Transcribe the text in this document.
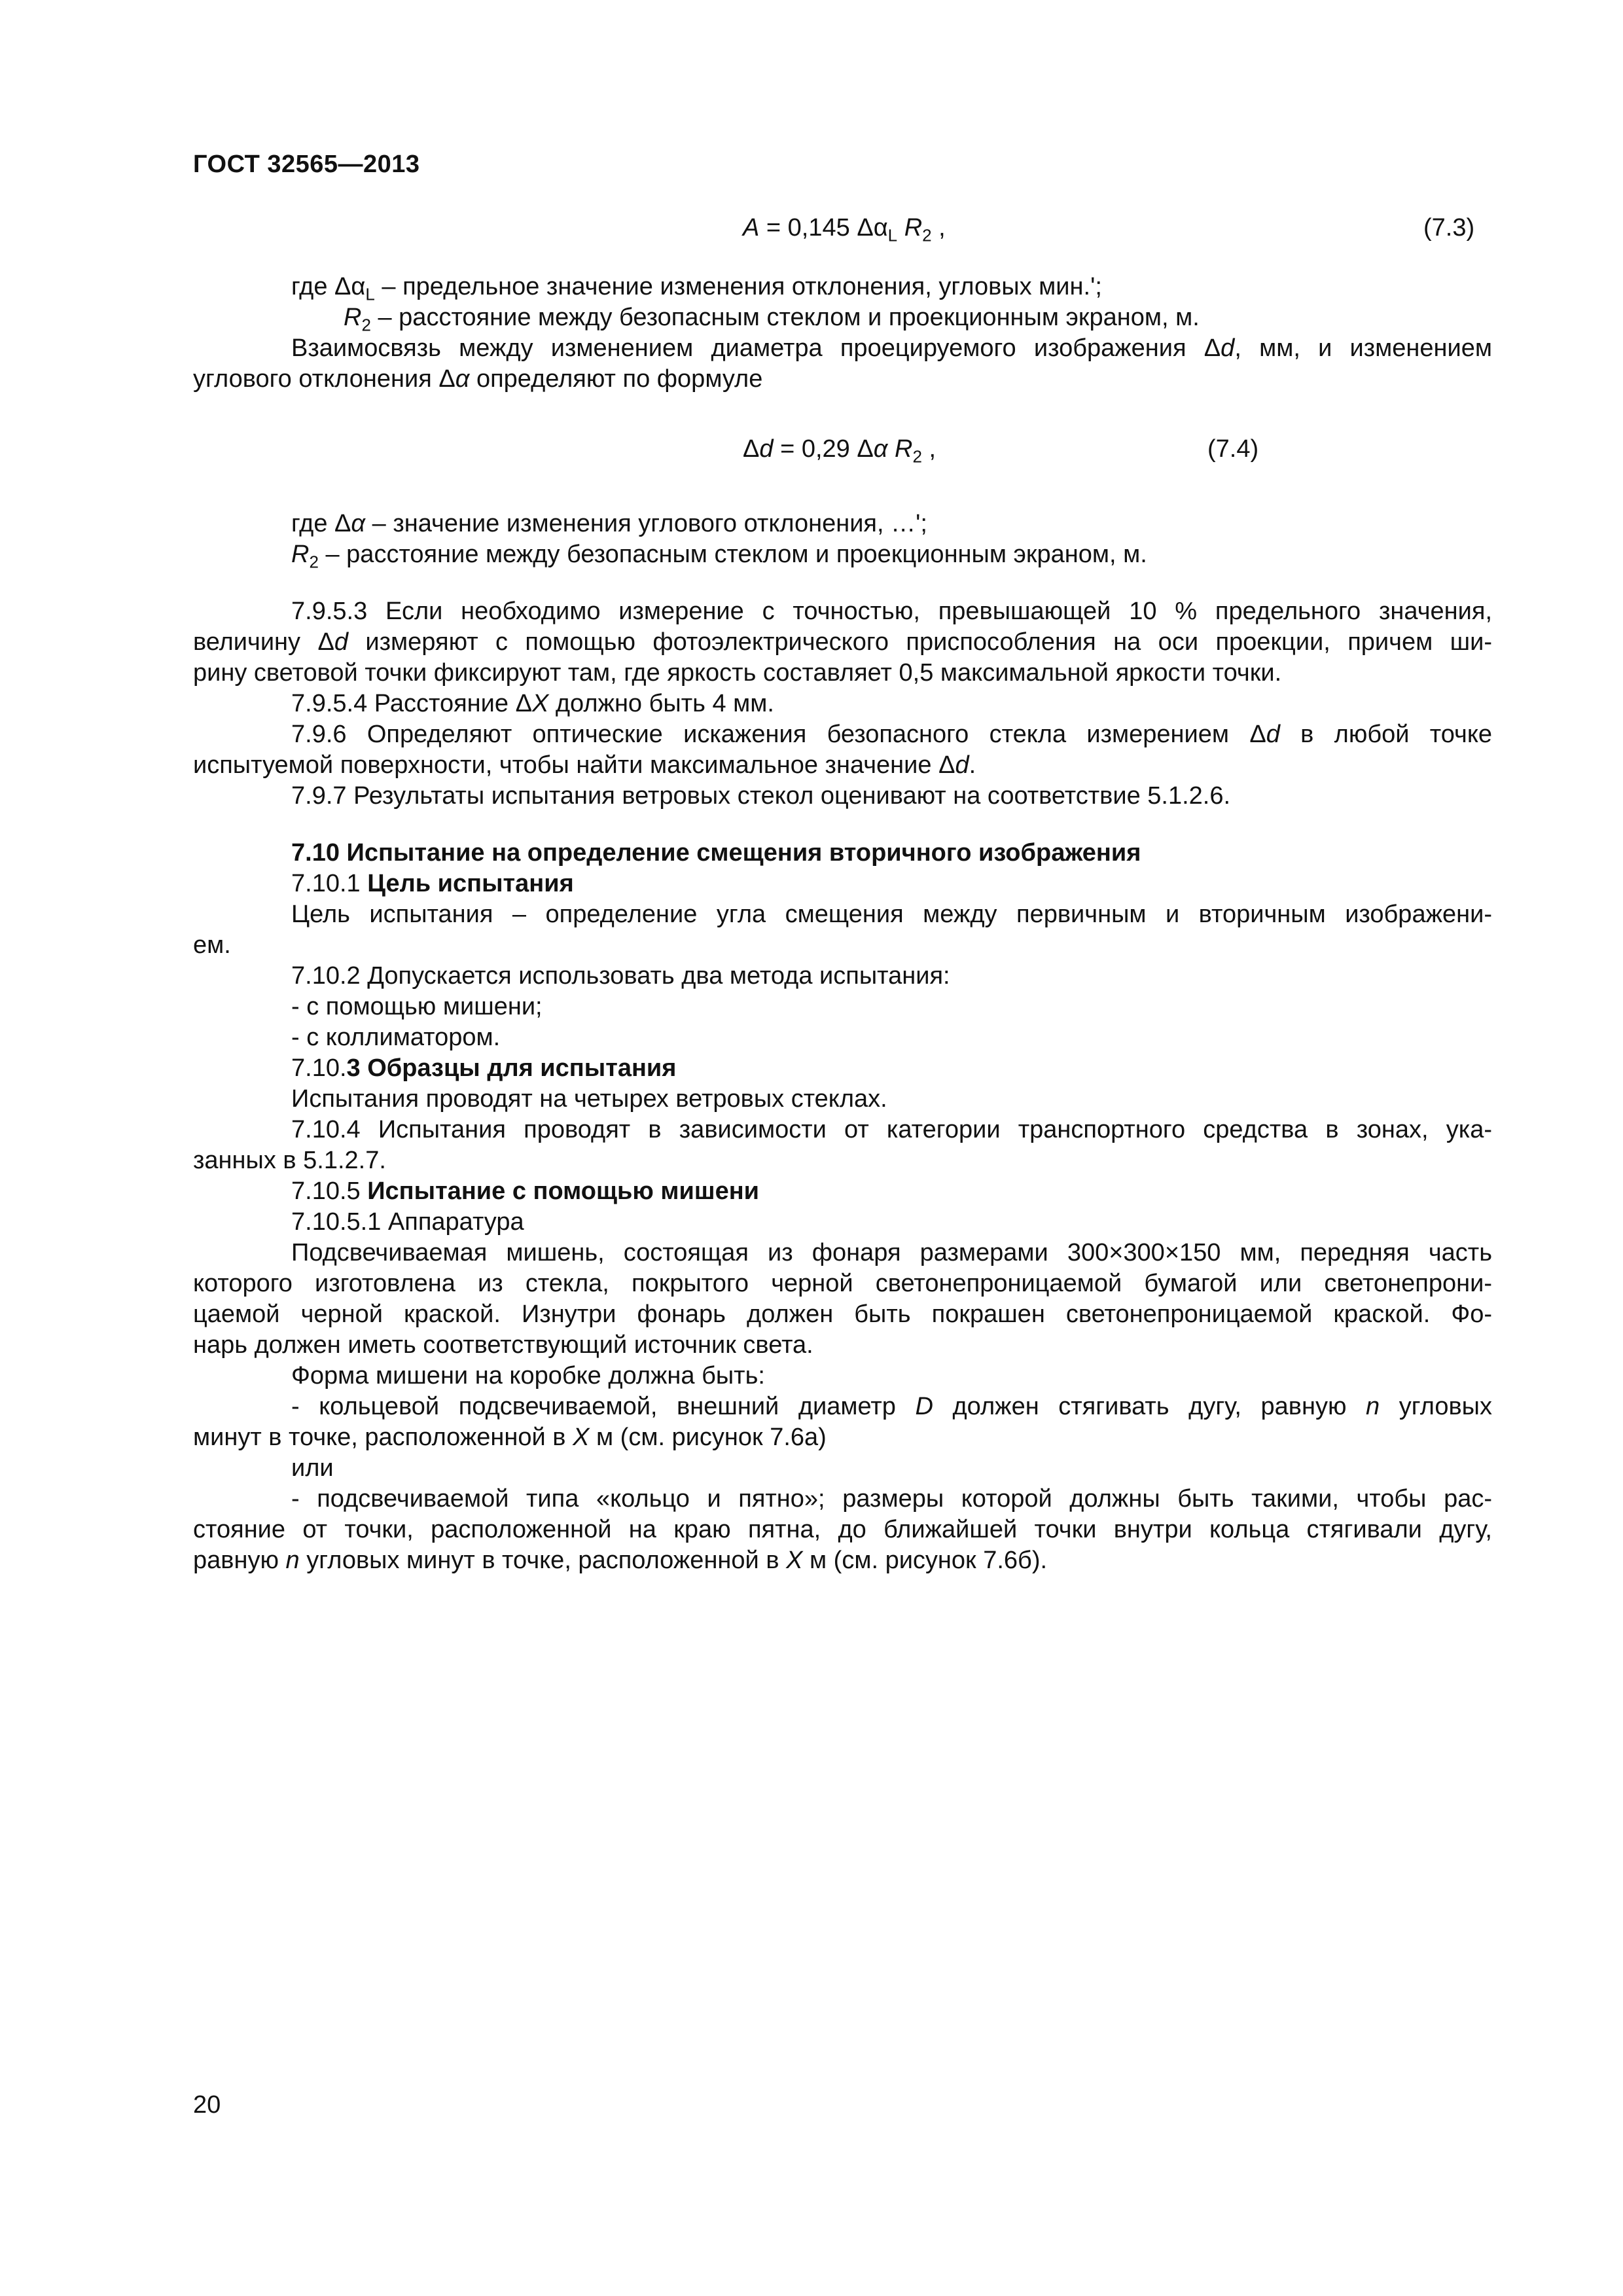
ГОСТ 32565—2013
A = 0,145 $\Delta\alpha_L$ $R_2$ ,	(7.3)

где $\Delta\alpha_L$ – предельное значение изменения отклонения, угловых мин.';

$R_2$ – расстояние между безопасным стеклом и проекционным экраном, м.

Взаимосвязь между изменением диаметра проецируемого изображения Δd, мм, и изменением

углового отклонения Δα определяют по формуле

Δd = 0,29 Δα $R_2$ ,	(7.4)

где Δα – значение изменения углового отклонения, …';

$R_2$ – расстояние между безопасным стеклом и проекционным экраном, м.

7.9.5.3 Если необходимо измерение с точностью, превышающей 10 % предельного значения,

величину Δd измеряют с помощью фотоэлектрического приспособления на оси проекции, причем ши-

рину световой точки фиксируют там, где яркость составляет 0,5 максимальной яркости точки.

7.9.5.4 Расстояние ΔX должно быть 4 мм.

7.9.6 Определяют оптические искажения безопасного стекла измерением Δd в любой точке

испытуемой поверхности, чтобы найти максимальное значение Δd.

7.9.7 Результаты испытания ветровых стекол оценивают на соответствие 5.1.2.6.

7.10 Испытание на определение смещения вторичного изображения

7.10.1 Цель испытания

Цель испытания – определение угла смещения между первичным и вторичным изображени-

ем.

7.10.2 Допускается использовать два метода испытания:

- с помощью мишени;

- с коллиматором.

7.10.3 Образцы для испытания

Испытания проводят на четырех ветровых стеклах.

7.10.4 Испытания проводят в зависимости от категории транспортного средства в зонах, ука-

занных в 5.1.2.7.

7.10.5 Испытание с помощью мишени

7.10.5.1 Аппаратура

Подсвечиваемая мишень, состоящая из фонаря размерами 300×300×150 мм, передняя часть

которого изготовлена из стекла, покрытого черной светонепроницаемой бумагой или светонепрони-

цаемой черной краской. Изнутри фонарь должен быть покрашен светонепроницаемой краской. Фо-

нарь должен иметь соответствующий источник света.

Форма мишени на коробке должна быть:

- кольцевой подсвечиваемой, внешний диаметр D должен стягивать дугу, равную n угловых

минут в точке, расположенной в X м (см. рисунок 7.6а)

или

- подсвечиваемой типа «кольцо и пятно»; размеры которой должны быть такими, чтобы рас-

стояние от точки, расположенной на краю пятна, до ближайшей точки внутри кольца стягивали дугу,

равную n угловых минут в точке, расположенной в X м (см. рисунок 7.6б).

20
